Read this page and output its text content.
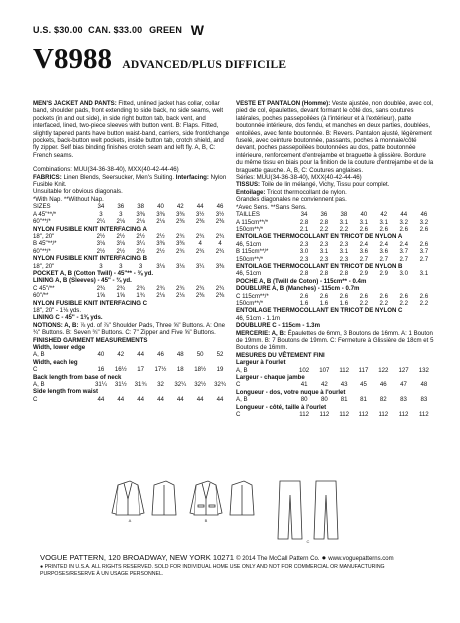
U.S. $30.00 CAN. $33.00 GREEN W
V8988 ADVANCED/PLUS DIFFICILE

MEN'S JACKET AND PANTS: Fitted, unlined jacket has collar, collar band, shoulder pads, front extending to side back, no side seams, welt pockets (in and out side), in side right button tab, back vent, and interfaced, lined, two-piece sleeves with button vent. B: Flaps. Fitted, slightly tapered pants have button waist-band, carriers, side front/change pockets, back-button welt pockets, inside button tab, crotch shield, and fly zipper. Self bias binding finishes crotch seam and left fly. A, B, C: French seams.

Combinations: MUU(34-36-38-40), MXX(40-42-44-46)

FABRICS: Linen Blends, Seersucker, Men's Suiting. Interfacing: Nylon Fusible Knit.

Unsuitable for obvious diagonals.

*With Nap. **Without Nap.

SIZES	34	36	38	40	42	44	46
A 45"**/*	3	3	3⅜	3⅜	3⅜	3½	3½
60"**/*	2¼	2⅛	2⅛	2⅛	2⅜	2⅜	2⅜
NYLON FUSIBLE KNIT INTERFACING A							
18", 20"	2½	2½	2½	2½	2¾	2¾	2¾
B 45"**/*	3⅛	3⅛	3¼	3⅜	3⅜	4	4
60"**/*	2½	2½	2½	2½	2¾	2¾	2¾
NYLON FUSIBLE KNIT INTERFACING B							
18", 20"	3	3	3	3⅛	3⅛	3¼	3⅜
POCKET A, B (Cotton Twill) - 45"** - ⅜ yd.							
LINING A, B (Sleeves) - 45" - ¾ yd.							
C 45"/**	2¾	2¾	2¾	2¾	2¾	2¾	2¾
60"/**	1⅝	1⅝	1¾	2⅛	2⅛	2⅜	2⅜
NYLON FUSIBLE KNIT INTERFACING C							
18", 20" - 1⅛ yds.							
LINING C - 45" - 1⅜ yds.							

NOTIONS: A, B: ⅞ yd. of ⅞" Shoulder Pads, Three ⅝" Buttons. A: One ¾" Buttons. B: Seven ¾" Buttons. C: 7" Zipper and Five ⅝" Buttons.

FINISHED GARMENT MEASUREMENTS

Width, lower edge							
A, B	40	42	44	46	48	50	52
Width, each leg							
C	16	16½	17	17½	18	18½	19
Back length from base of neck							
A, B	31¼	31½	31¾	32	32¼	32½	32¾
Side length from waist							
C	44	44	44	44	44	44	44

VESTE ET PANTALON (Homme): Veste ajustée, non doublée, avec col, pied de col, épaulettes, devant formant le côté dos, sans coutures latérales, poches passepoilées (à l'intérieur et à l'extérieur), patte boutonnée intérieure, dos fendu, et manches en deux parties, doublées, entoilées, avec fente boutonnée. B: Revers. Pantalon ajusté, légèrement fuselé, avec ceinture boutonnée, passants, poches à monnaie/côté devant, poches passepoilées boutonnées au dos, patte boutonnée intérieure, renforcement d'entrejambe et braguette à glissière. Bordure du même tissu en biais pour la finition de la couture d'entrejambe et de la braguette gauche. A, B, C: Coutures anglaises.

Séries: MUU(34-36-38-40), MXX(40-42-44-46)

TISSUS: Toile de lin mélangé, Vichy, Tissu pour complet.

Entoilage: Tricot thermocollant de nylon.

Grandes diagonales ne conviennent pas.

*Avec Sens. **Sans Sens.

TAILLES	34	36	38	40	42	44	46
A 115cm**/*	2.8	2.8	3.1	3.1	3.1	3.2	3.2
150cm**/*	2.1	2.2	2.2	2.6	2.6	2.6	2.6
ENTOILAGE THERMOCOLLANT EN TRICOT DE NYLON A							
46, 51cm	2.3	2.3	2.3	2.4	2.4	2.4	2.6
B 115cm**/*	3.0	3.1	3.1	3.6	3.6	3.7	3.7
150cm**/*	2.3	2.3	2.3	2.7	2.7	2.7	2.7
ENTOILAGE THERMOCOLLANT EN TRICOT DE NYLON B							
46, 51cm	2.8	2.8	2.8	2.9	2.9	3.0	3.1
POCHE A, B (Twill de Coton) - 115cm** - 0.4m							
DOUBLURE A, B (Manches) - 115cm - 0.7m							
C 115cm**/*	2.6	2.6	2.6	2.6	2.6	2.6	2.6
150cm**/*	1.6	1.6	1.6	2.2	2.2	2.2	2.2
ENTOILAGE THERMOCOLLANT EN TRICOT DE NYLON C							
46, 51cm - 1.1m							
DOUBLURE C - 115cm - 1.3m							

MERCERIE: A, B: Épaulettes de 6mm, 3 Boutons de 16mm. A: 1 Bouton de 19mm. B: 7 Boutons de 19mm. C: Fermeture à Glissière de 18cm et 5 Boutons de 16mm.

MESURES DU VÊTEMENT FINI

Largeur à l'ourlet							
A, B	102	107	112	117	122	127	132
Largeur - chaque jambe							
C	41	42	43	45	46	47	48
Longueur - dos, votre nuque à l'ourlet							
A, B	80	80	81	81	82	83	83
Longueur - côté, taille à l'ourlet							
C	112	112	112	112	112	112	112
A	B
C
VOGUE PATTERN, 120 BROADWAY, NEW YORK 10271 © 2014 The McCall Pattern Co. ● www.voguepatterns.com
● PRINTED IN U.S.A. ALL RIGHTS RESERVED. SOLD FOR INDIVIDUAL HOME USE ONLY AND NOT FOR COMMERCIAL OR MANUFACTURING PURPOSES/RESERVE À UN USAGE PERSONNEL.
